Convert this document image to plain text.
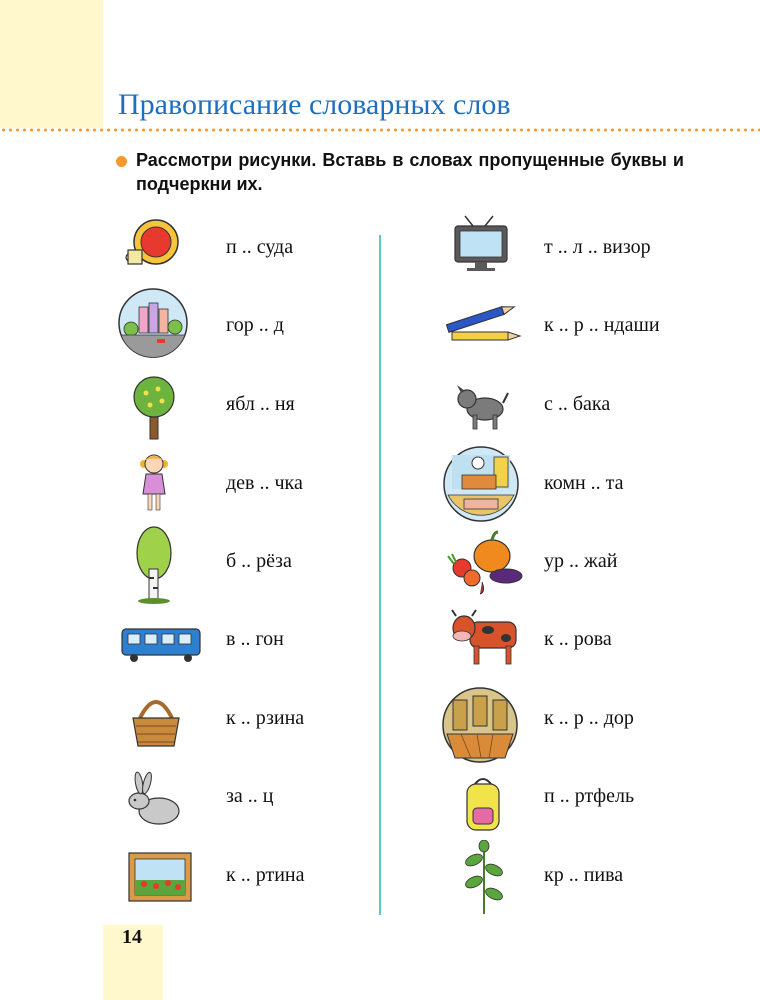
Правописание словарных слов
Рассмотри рисунки. Вставь в словах пропущенные буквы и подчеркни их.
п .. суда
гор .. д
ябл .. ня
дев .. чка
б .. рёза
в .. гон
к .. рзина
за .. ц
к .. ртина
т .. л .. визор
к .. р .. ндаши
с .. бака
комн .. та
ур .. жай
к .. рова
к .. р .. дор
п .. ртфель
кр .. пива
14
